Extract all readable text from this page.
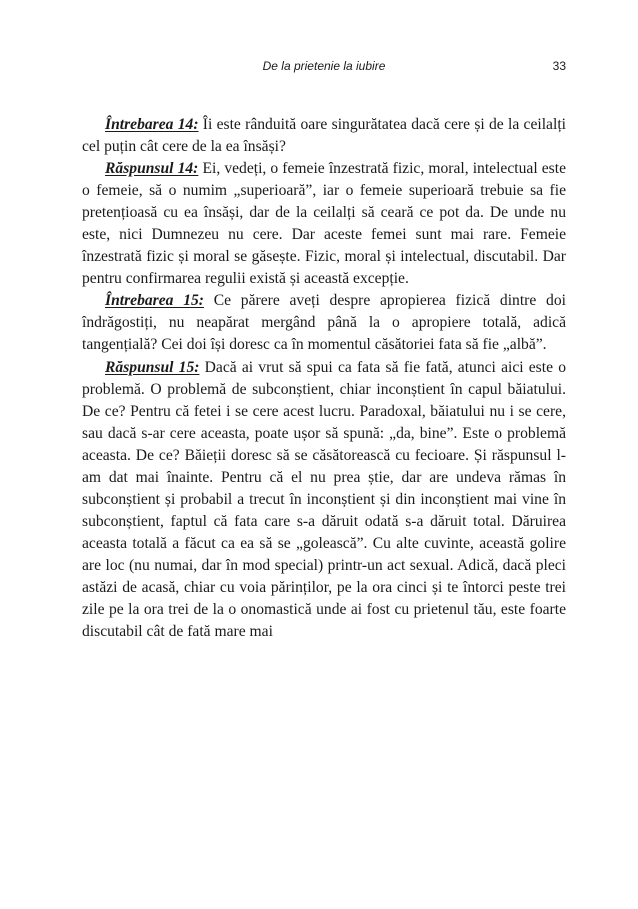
De la prietenie la iubire	33

Întrebarea 14: Îi este rânduită oare singurătatea dacă cere și de la ceilalți cel puțin cât cere de la ea însăși?

Răspunsul 14: Ei, vedeți, o femeie înzestrată fizic, moral, intelectual este o femeie, să o numim „superioară”, iar o femeie superioară trebuie sa fie pretențioasă cu ea însăși, dar de la ceilalți să ceară ce pot da. De unde nu este, nici Dumnezeu nu cere. Dar aceste femei sunt mai rare. Femeie înzestrată fizic și moral se găsește. Fizic, moral și intelectual, discutabil. Dar pentru confirmarea regulii există și această excepție.

Întrebarea 15: Ce părere aveți despre apropierea fizică dintre doi îndrăgostiți, nu neapărat mergând până la o apropiere totală, adică tangențială? Cei doi își doresc ca în momentul căsătoriei fata să fie „albă”.

Răspunsul 15: Dacă ai vrut să spui ca fata să fie fată, atunci aici este o problemă. O problemă de subconștient, chiar inconștient în capul băiatului. De ce? Pentru că fetei i se cere acest lucru. Paradoxal, băiatului nu i se cere, sau dacă s-ar cere aceasta, poate ușor să spună: „da, bine”. Este o problemă aceasta. De ce? Băieții doresc să se căsătorească cu fecioare. Și răspunsul l-am dat mai înainte. Pentru că el nu prea știe, dar are undeva rămas în subconștient și probabil a trecut în inconștient și din inconștient mai vine în subconștient, faptul că fata care s-a dăruit odată s-a dăruit total. Dăruirea aceasta totală a făcut ca ea să se „golească”. Cu alte cuvinte, această golire are loc (nu numai, dar în mod special) printr-un act sexual. Adică, dacă pleci astăzi de acasă, chiar cu voia părinților, pe la ora cinci și te întorci peste trei zile pe la ora trei de la o onomastică unde ai fost cu prietenul tău, este foarte discutabil cât de fată mare mai
